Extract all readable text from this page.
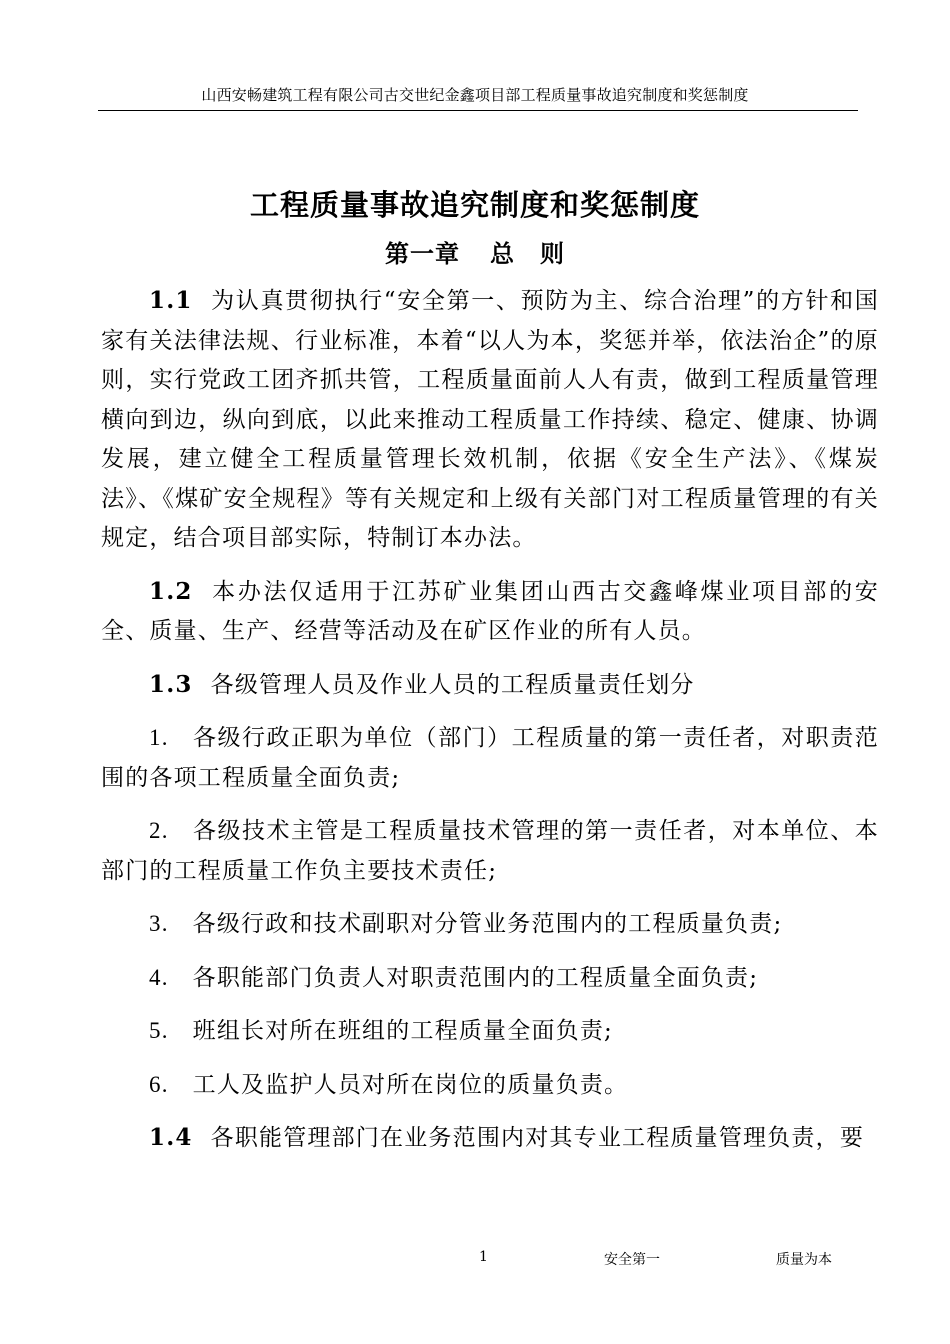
山西安畅建筑工程有限公司古交世纪金鑫项目部工程质量事故追究制度和奖惩制度
工程质量事故追究制度和奖惩制度
第一章 总　则

1.1 为认真贯彻执行“安全第一、预防为主、综合治理”的方针和国家有关法律法规、行业标准，本着“以人为本，奖惩并举，依法治企”的原则，实行党政工团齐抓共管，工程质量面前人人有责，做到工程质量管理横向到边，纵向到底，以此来推动工程质量工作持续、稳定、健康、协调发展，建立健全工程质量管理长效机制，依据《安全生产法》、《煤炭法》、《煤矿安全规程》等有关规定和上级有关部门对工程质量管理的有关规定，结合项目部实际，特制订本办法。

1.2 本办法仅适用于江苏矿业集团山西古交鑫峰煤业项目部的安全、质量、生产、经营等活动及在矿区作业的所有人员。

1.3 各级管理人员及作业人员的工程质量责任划分

1. 各级行政正职为单位（部门）工程质量的第一责任者，对职责范围的各项工程质量全面负责;

2. 各级技术主管是工程质量技术管理的第一责任者，对本单位、本部门的工程质量工作负主要技术责任;

3. 各级行政和技术副职对分管业务范围内的工程质量负责;

4. 各职能部门负责人对职责范围内的工程质量全面负责;

5. 班组长对所在班组的工程质量全面负责;

6. 工人及监护人员对所在岗位的质量负责。

1.4 各职能管理部门在业务范围内对其专业工程质量管理负责，要

1	安全第一	质量为本
